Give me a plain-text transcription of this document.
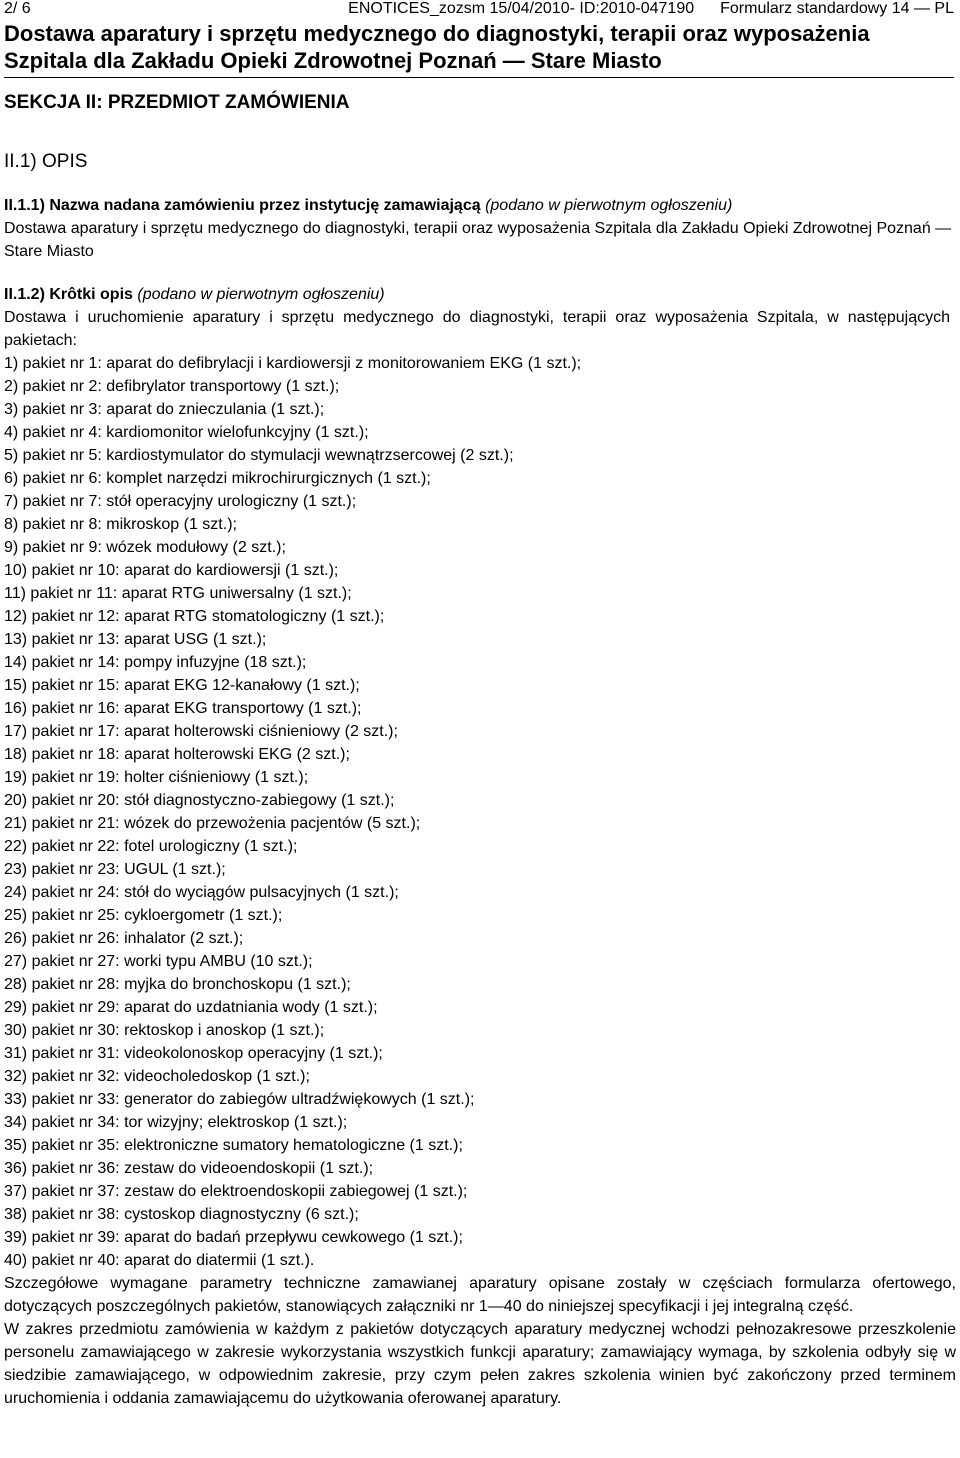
2/ 6	ENOTICES_zozsm 15/04/2010- ID:2010-047190	Formularz standardowy 14 — PL
Dostawa aparatury i sprzętu medycznego do diagnostyki, terapii oraz wyposażenia
Szpitala dla Zakładu Opieki Zdrowotnej Poznań — Stare Miasto
SEKCJA II: PRZEDMIOT ZAMÓWIENIA
II.1) OPIS
II.1.1) Nazwa nadana zamówieniu przez instytucję zamawiającą (podano w pierwotnym ogłoszeniu)
Dostawa aparatury i sprzętu medycznego do diagnostyki, terapii oraz wyposażenia Szpitala dla Zakładu Opieki Zdrowotnej Poznań — Stare Miasto
II.1.2) Krôtki opis (podano w pierwotnym ogłoszeniu)
Dostawa i uruchomienie aparatury i sprzętu medycznego do diagnostyki, terapii oraz wyposażenia Szpitala, w następujących pakietach:
1) pakiet nr 1: aparat do defibrylacji i kardiowersji z monitorowaniem EKG (1 szt.);
2) pakiet nr 2: defibrylator transportowy (1 szt.);
3) pakiet nr 3: aparat do znieczulania (1 szt.);
4) pakiet nr 4: kardiomonitor wielofunkcyjny (1 szt.);
5) pakiet nr 5: kardiostymulator do stymulacji wewnątrzsercowej (2 szt.);
6) pakiet nr 6: komplet narzędzi mikrochirurgicznych (1 szt.);
7) pakiet nr 7: stół operacyjny urologiczny (1 szt.);
8) pakiet nr 8: mikroskop (1 szt.);
9) pakiet nr 9: wózek modułowy (2 szt.);
10) pakiet nr 10: aparat do kardiowersji (1 szt.);
11) pakiet nr 11: aparat RTG uniwersalny (1 szt.);
12) pakiet nr 12: aparat RTG stomatologiczny (1 szt.);
13) pakiet nr 13: aparat USG (1 szt.);
14) pakiet nr 14: pompy infuzyjne (18 szt.);
15) pakiet nr 15: aparat EKG 12-kanałowy (1 szt.);
16) pakiet nr 16: aparat EKG transportowy (1 szt.);
17) pakiet nr 17: aparat holterowski ciśnieniowy (2 szt.);
18) pakiet nr 18: aparat holterowski EKG (2 szt.);
19) pakiet nr 19: holter ciśnieniowy (1 szt.);
20) pakiet nr 20: stół diagnostyczno-zabiegowy (1 szt.);
21) pakiet nr 21: wózek do przewożenia pacjentów (5 szt.);
22) pakiet nr 22: fotel urologiczny (1 szt.);
23) pakiet nr 23: UGUL (1 szt.);
24) pakiet nr 24: stół do wyciągów pulsacyjnych (1 szt.);
25) pakiet nr 25: cykloergometr (1 szt.);
26) pakiet nr 26: inhalator (2 szt.);
27) pakiet nr 27: worki typu AMBU (10 szt.);
28) pakiet nr 28: myjka do bronchoskopu (1 szt.);
29) pakiet nr 29: aparat do uzdatniania wody (1 szt.);
30) pakiet nr 30: rektoskop i anoskop (1 szt.);
31) pakiet nr 31: videokolonoskop operacyjny (1 szt.);
32) pakiet nr 32: videocholedoskop (1 szt.);
33) pakiet nr 33: generator do zabiegów ultradźwiękowych (1 szt.);
34) pakiet nr 34: tor wizyjny; elektroskop (1 szt.);
35) pakiet nr 35: elektroniczne sumatory hematologiczne (1 szt.);
36) pakiet nr 36: zestaw do videoendoskopii (1 szt.);
37) pakiet nr 37: zestaw do elektroendoskopii zabiegowej (1 szt.);
38) pakiet nr 38: cystoskop diagnostyczny (6 szt.);
39) pakiet nr 39: aparat do badań przepływu cewkowego (1 szt.);
40) pakiet nr 40: aparat do diatermii (1 szt.).
Szczegółowe wymagane parametry techniczne zamawianej aparatury opisane zostały w częściach formularza ofertowego, dotyczących poszczególnych pakietów, stanowiących załączniki nr 1—40 do niniejszej specyfikacji i jej integralną część.
W zakres przedmiotu zamówienia w każdym z pakietów dotyczących aparatury medycznej wchodzi pełnozakresowe przeszkolenie personelu zamawiającego w zakresie wykorzystania wszystkich funkcji aparatury; zamawiający wymaga, by szkolenia odbyły się w siedzibie zamawiającego, w odpowiednim zakresie, przy czym pełen zakres szkolenia winien być zakończony przed terminem uruchomienia i oddania zamawiającemu do użytkowania oferowanej aparatury.
